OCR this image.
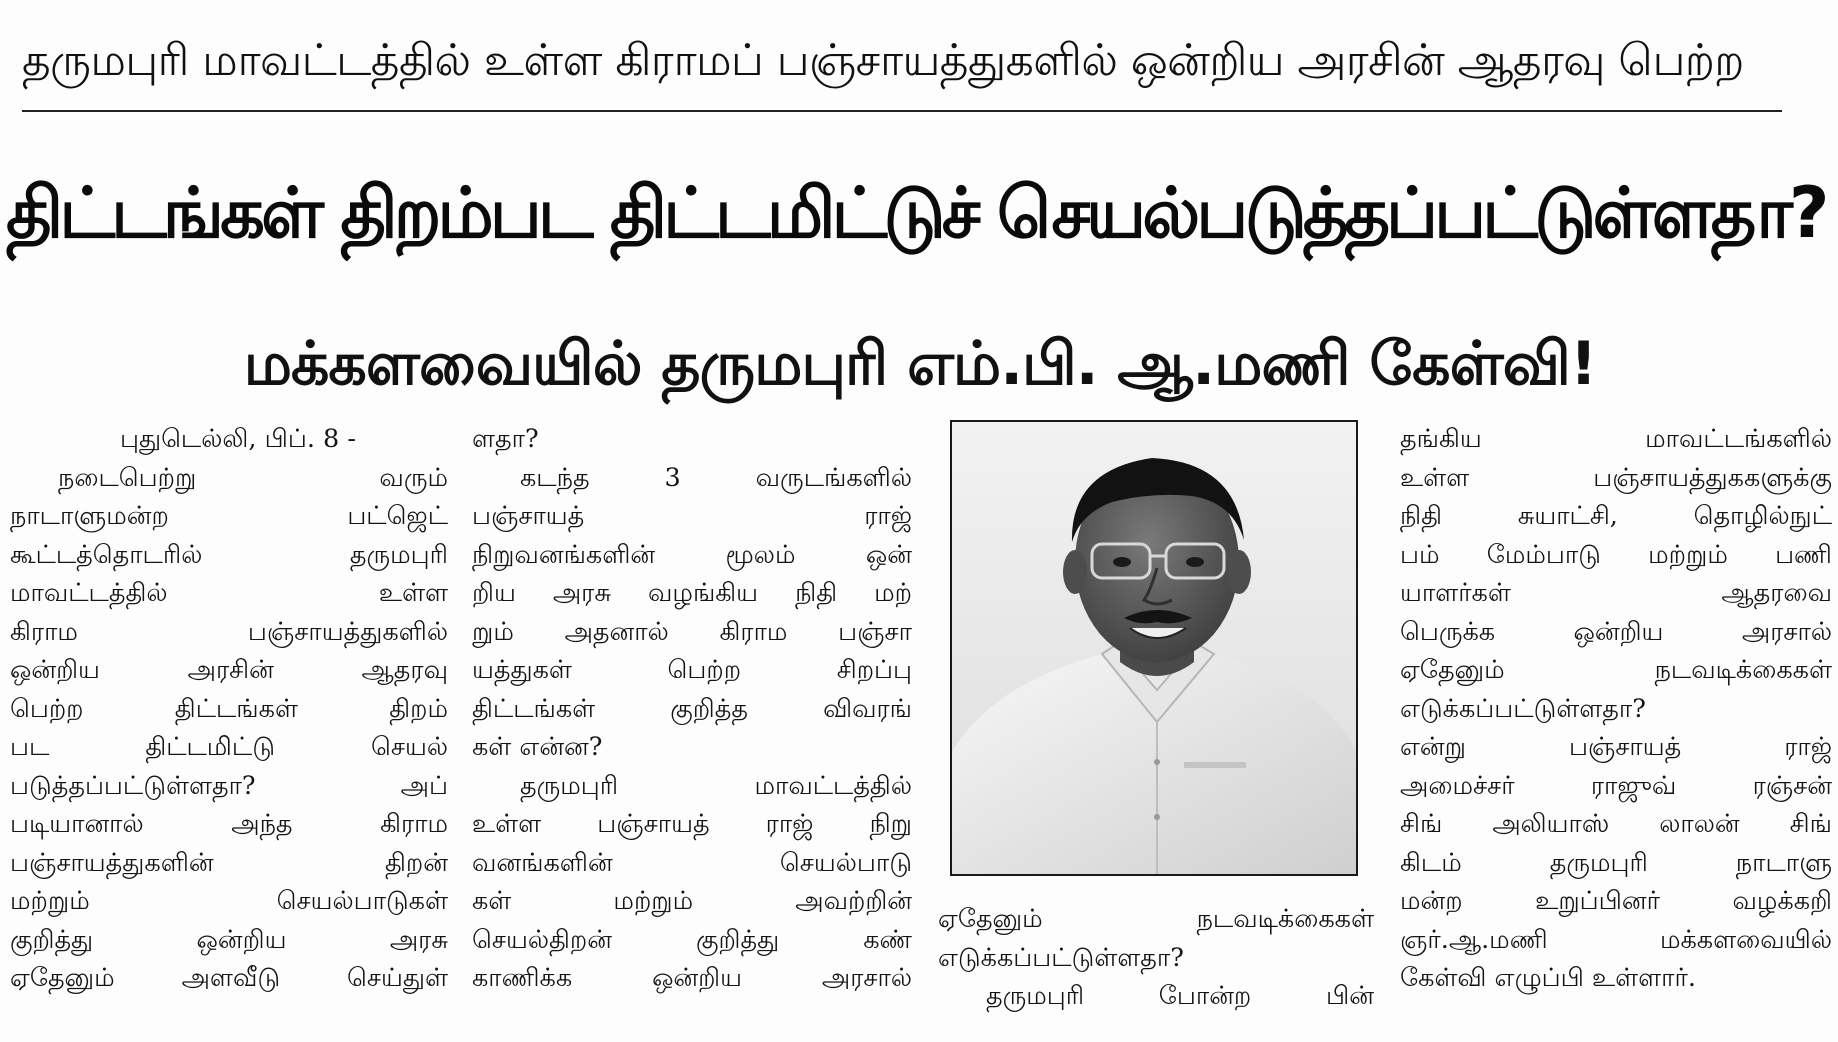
தருமபுரி மாவட்டத்தில் உள்ள கிராமப் பஞ்சாயத்துகளில் ஒன்றிய அரசின் ஆதரவு பெற்ற
திட்டங்கள் திறம்பட திட்டமிட்டுச் செயல்படுத்தப்பட்டுள்ளதா?
மக்களவையில் தருமபுரி எம்.பி. ஆ.மணி கேள்வி!
புதுடெல்லி, பிப். 8 -
நடைபெற்று வரும்
நாடாளுமன்ற பட்ஜெட்
கூட்டத்தொடரில் தருமபுரி
மாவட்டத்தில் உள்ள
கிராம பஞ்சாயத்துகளில்
ஒன்றிய அரசின் ஆதரவு
பெற்ற திட்டங்கள் திறம்
பட திட்டமிட்டு செயல்
படுத்தப்பட்டுள்ளதா? அப்
படியானால் அந்த கிராம
பஞ்சாயத்துகளின் திறன்
மற்றும் செயல்பாடுகள்
குறித்து ஒன்றிய அரசு
ஏதேனும் அளவீடு செய்துள்
ளதா?
கடந்த 3 வருடங்களில்
பஞ்சாயத் ராஜ்
நிறுவனங்களின் மூலம் ஒன்
றிய அரசு வழங்கிய நிதி மற்
றும் அதனால் கிராம பஞ்சா
யத்துகள் பெற்ற சிறப்பு
திட்டங்கள் குறித்த விவரங்
கள் என்ன?
தருமபுரி மாவட்டத்தில்
உள்ள பஞ்சாயத் ராஜ் நிறு
வனங்களின் செயல்பாடு
கள் மற்றும் அவற்றின்
செயல்திறன் குறித்து கண்
காணிக்க ஒன்றிய அரசால்
ஏதேனும் நடவடிக்கைகள்
எடுக்கப்பட்டுள்ளதா?
தருமபுரி போன்ற பின்
தங்கிய மாவட்டங்களில்
உள்ள பஞ்சாயத்துககளுக்கு
நிதி சுயாட்சி, தொழில்நுட்
பம் மேம்பாடு மற்றும் பணி
யாளர்கள் ஆதரவை
பெருக்க ஒன்றிய அரசால்
ஏதேனும் நடவடிக்கைகள்
எடுக்கப்பட்டுள்ளதா?
என்று பஞ்சாயத் ராஜ்
அமைச்சர் ராஜுவ் ரஞ்சன்
சிங் அலியாஸ் லாலன் சிங்
கிடம் தருமபுரி நாடாளு
மன்ற உறுப்பினர் வழக்கறி
ஞர்.ஆ.மணி மக்களவையில்
கேள்வி எழுப்பி உள்ளார்.
